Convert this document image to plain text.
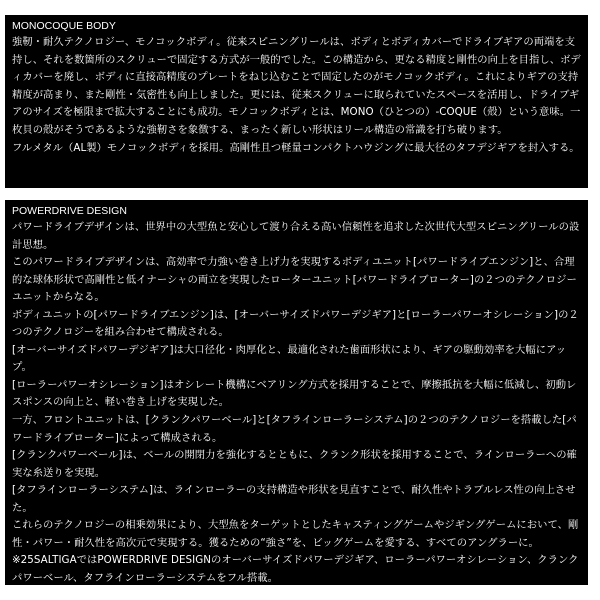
MONOCOQUE BODY

強靭・耐久テクノロジー、モノコックボディ。従来スピニングリールは、ボディとボディカバーでドライブギアの両端を支持し、それを数箇所のスクリューで固定する方式が一般的でした。この構造から、更なる精度と剛性の向上を目指し、ボディカバーを廃し、ボディに直接高精度のプレートをねじ込むことで固定したのがモノコックボディ。これによりギアの支持精度が高まり、また剛性・気密性も向上しました。更には、従来スクリューに取られていたスペースを活用し、ドライブギアのサイズを極限まで拡大することにも成功。モノコックボディとは、MONO（ひとつの）-COQUE（殻）という意味。一枚貝の殻がそうであるような強靭さを象徴する、まったく新しい形状はリール構造の常識を打ち破ります。

フルメタル（AL製）モノコックボディを採用。高剛性且つ軽量コンパクトハウジングに最大径のタフデジギアを封入する。

POWERDRIVE DESIGN

パワードライブデザインは、世界中の大型魚と安心して渡り合える高い信頼性を追求した次世代大型スピニングリールの設計思想。

このパワードライブデザインは、高効率で力強い巻き上げ力を実現するボディユニット[パワードライブエンジン]と、合理的な球体形状で高剛性と低イナーシャの両立を実現したローターユニット[パワードライブローター]の２つのテクノロジーユニットからなる。

ボディユニットの[パワードライブエンジン]は、[オーバーサイズドパワーデジギア]と[ローラーパワーオシレーション]の２つのテクノロジーを組み合わせて構成される。

[オーバーサイズドパワーデジギア]は大口径化・肉厚化と、最適化された歯面形状により、ギアの駆動効率を大幅にアップ。

[ローラーパワーオシレーション]はオシレート機構にベアリング方式を採用することで、摩擦抵抗を大幅に低減し、初動レスポンスの向上と、軽い巻き上げを実現した。

一方、フロントユニットは、[クランクパワーベール]と[タフラインローラーシステム]の２つのテクノロジーを搭載した[パワードライブローター]によって構成される。

[クランクパワーベール]は、ベールの開閉力を強化するとともに、クランク形状を採用することで、ラインローラーへの確実な糸送りを実現。

[タフラインローラーシステム]は、ラインローラーの支持構造や形状を見直すことで、耐久性やトラブルレス性の向上させた。

これらのテクノロジーの相乗効果により、大型魚をターゲットとしたキャスティングゲームやジギングゲームにおいて、剛性・パワー・耐久性を高次元で実現する。獲るための“強さ”を、ビッグゲームを愛する、すべてのアングラーに。

※25SALTIGAではPOWERDRIVE DESIGNのオーバーサイズドパワーデジギア、ローラーパワーオシレーション、クランクパワーベール、タフラインローラーシステムをフル搭載。
